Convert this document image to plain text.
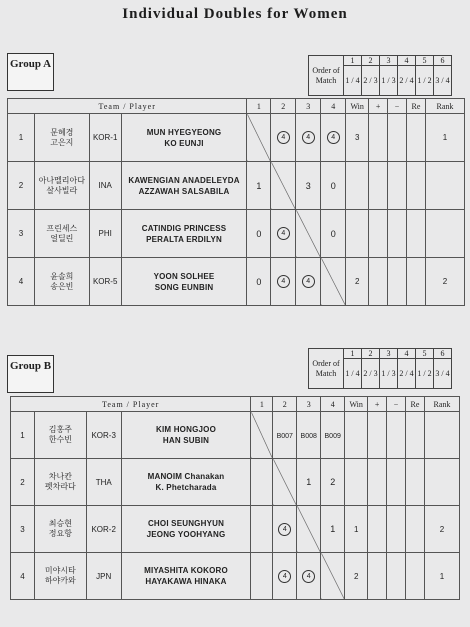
Individual Doubles for Women
Group A	Order of Match	1	2	3	4	5	6
	1 / 4	2 / 3	1 / 3	2 / 4	1 / 2	3 / 4
Team / Player				1	2	3	4	Win	+	−	Re	Rank
1	문혜경
고은지	KOR-1	MUN HYEGYEONG
KO EUNJI		4	4	4	3				1
2	아나멜리아다
살사빌라	INA	KAWENGIAN ANADELEYDA
AZZAWAH SALSABILA	1		3	0					
3	프린세스
얼딜린	PHI	CATINDIG PRINCESS
PERALTA ERDILYN	0	4		0					
4	윤솔희
송은빈	KOR-5	YOON SOLHEE
SONG EUNBIN	0	4	4		2				2
Group B	Order of Match	1	2	3	4	5	6
	1 / 4	2 / 3	1 / 3	2 / 4	1 / 2	3 / 4
Team / Player				1	2	3	4	Win	+	−	Re	Rank
1	김홍주
한수빈	KOR-3	KIM HONGJOO
HAN SUBIN		B007	B008	B009					
2	차나칸
펫차라다	THA	MANOIM Chanakan
K. Phetcharada			1	2					
3	최승현
정요항	KOR-2	CHOI SEUNGHYUN
JEONG YOOHYANG		4		1	1				2
4	미야시타
하야카와	JPN	MIYASHITA KOKORO
HAYAKAWA HINAKA		4	4		2				1
